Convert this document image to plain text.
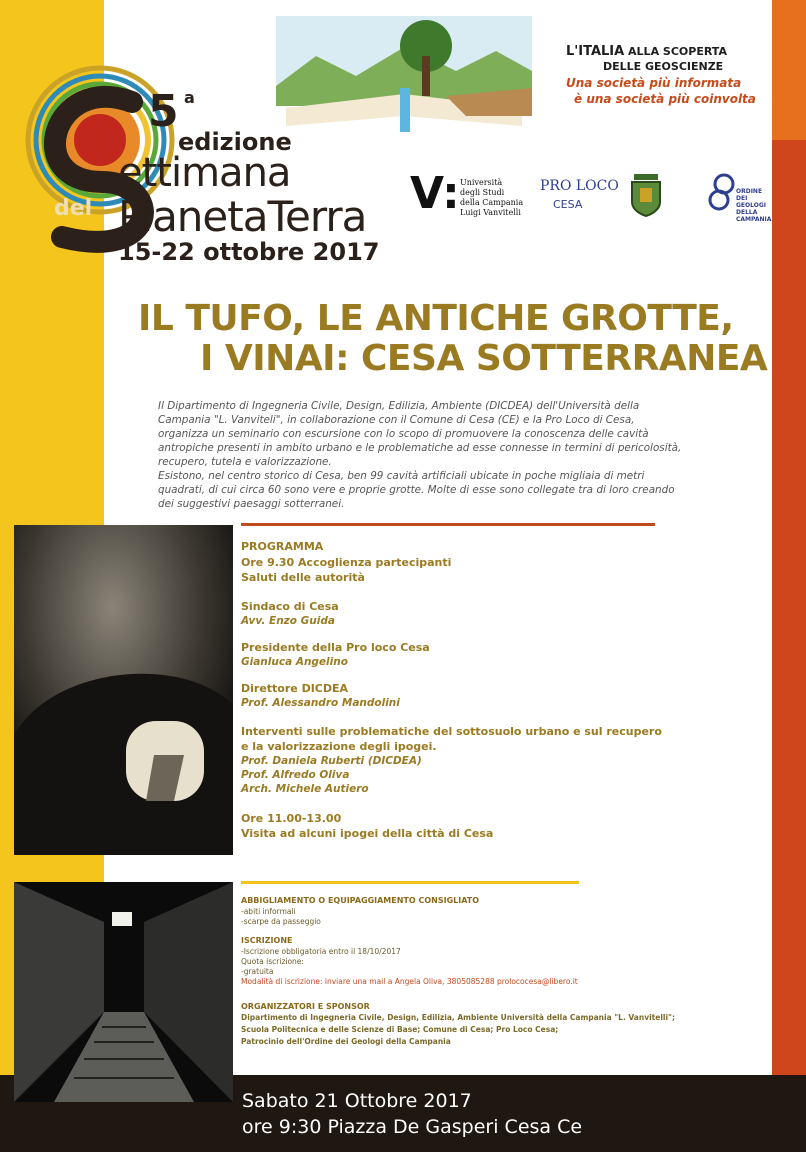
5 a
edizione
ettimana
del PianetaTerra
15-22 ottobre 2017
L'ITALIA ALLA SCOPERTA
DELLE GEOSCIENZE
Una società più informata
è una società più coinvolta
V: Università
degli Studi
della Campania
Luigi Vanvitelli
PRO LOCO
CESA
ORDINE
DEI GEOLOGI
DELLA
CAMPANIA
IL TUFO, LE ANTICHE GROTTE,
I VINAI: CESA SOTTERRANEA
Il Dipartimento di Ingegneria Civile, Design, Edilizia, Ambiente (DICDEA) dell'Università della
Campania "L. Vanviteli", in collaborazione con il Comune di Cesa (CE) e la Pro Loco di Cesa,
organizza un seminario con escursione con lo scopo di promuovere la conoscenza delle cavità
antropiche presenti in ambito urbano e le problematiche ad esse connesse in termini di pericolosità,
recupero, tutela e valorizzazione.
Esistono, nel centro storico di Cesa, ben 99 cavità artificiali ubicate in poche migliaia di metri
quadrati, di cui circa 60 sono vere e proprie grotte. Molte di esse sono collegate tra di loro creando
dei suggestivi paesaggi sotterranei.
PROGRAMMA
Ore 9.30 Accoglienza partecipanti
Saluti delle autorità
Sindaco di Cesa
Avv. Enzo Guida
Presidente della Pro loco Cesa
Gianluca Angelino
Direttore DICDEA
Prof. Alessandro Mandolini
Interventi sulle problematiche del sottosuolo urbano e sul recupero
e la valorizzazione degli ipogei.
Prof. Daniela Ruberti (DICDEA)
Prof. Alfredo Oliva
Arch. Michele Autiero
Ore 11.00-13.00
Visita ad alcuni ipogei della città di Cesa
ABBIGLIAMENTO O EQUIPAGGIAMENTO CONSIGLIATO
-abiti informali
-scarpe da passeggio
ISCRIZIONE
-Iscrizione obbligatoria entro il 18/10/2017
Quota iscrizione:
-gratuita
Modalità di iscrizione: inviare una mail a Angela Oliva, 3805085288 prolococesa@libero.it
ORGANIZZATORI E SPONSOR
Dipartimento di Ingegneria Civile, Design, Edilizia, Ambiente Università della Campania "L. Vanvitelli";
Scuola Politecnica e delle Scienze di Base; Comune di Cesa; Pro Loco Cesa;
Patrocinio dell'Ordine dei Geologi della Campania
Sabato 21 Ottobre 2017
ore 9:30 Piazza De Gasperi Cesa Ce
